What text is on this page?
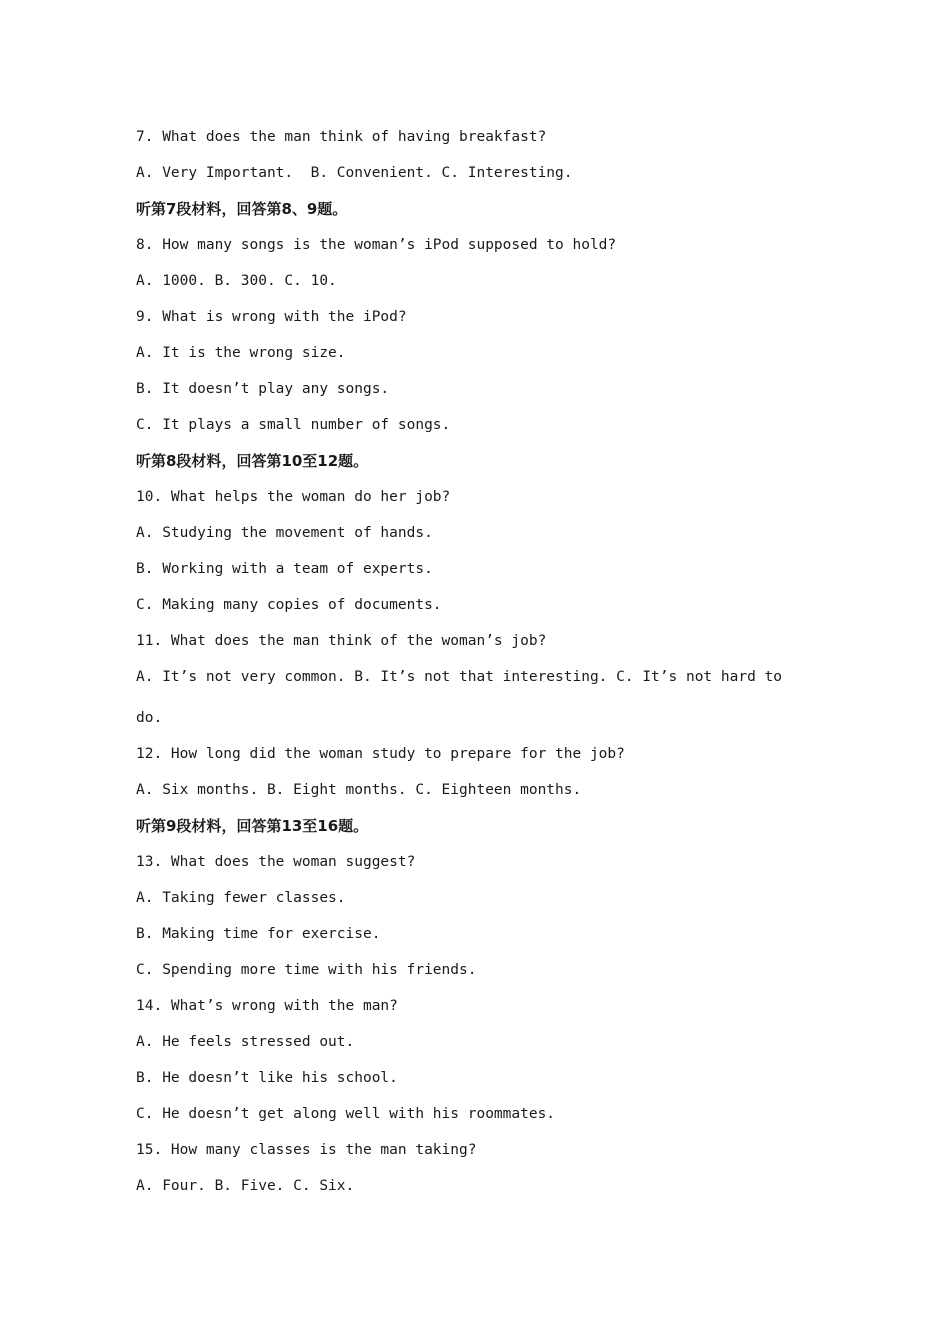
7. What does the man think of having breakfast?
A. Very Important.  B. Convenient. C. Interesting.
听第7段材料，回答第8、9题。
8. How many songs is the woman’s iPod supposed to hold?
A. 1000. B. 300. C. 10.
9. What is wrong with the iPod?
A. It is the wrong size.
B. It doesn’t play any songs.
C. It plays a small number of songs.
听第8段材料，回答第10至12题。
10. What helps the woman do her job?
A. Studying the movement of hands.
B. Working with a team of experts.
C. Making many copies of documents.
11. What does the man think of the woman’s job?
A. It’s not very common. B. It’s not that interesting. C. It’s not hard to
do.
12. How long did the woman study to prepare for the job?
A. Six months. B. Eight months. C. Eighteen months.
听第9段材料，回答第13至16题。
13. What does the woman suggest?
A. Taking fewer classes.
B. Making time for exercise.
C. Spending more time with his friends.
14. What’s wrong with the man?
A. He feels stressed out.
B. He doesn’t like his school.
C. He doesn’t get along well with his roommates.
15. How many classes is the man taking?
A. Four. B. Five. C. Six.
